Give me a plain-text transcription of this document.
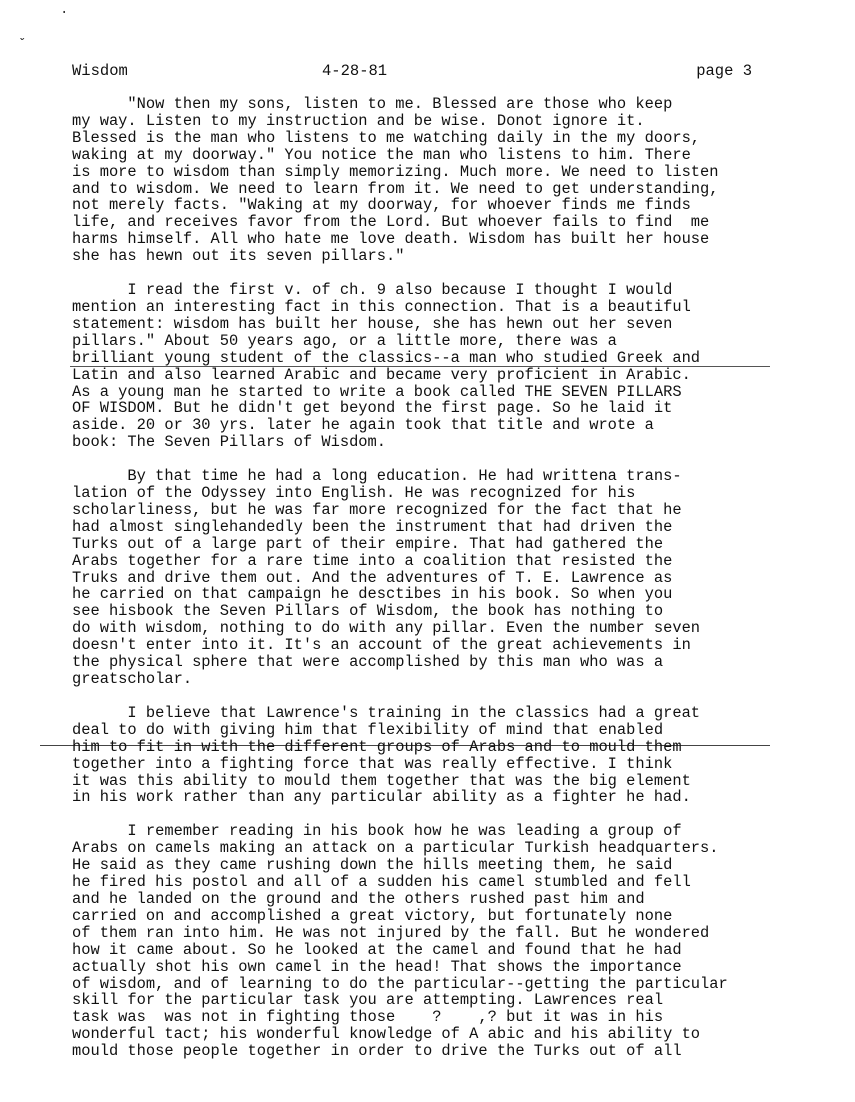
.
ˬ
Wisdom	4-28-81	page 3

"Now then my sons, listen to me. Blessed are those who keep
my way. Listen to my instruction and be wise. Donot ignore it.
Blessed is the man who listens to me watching daily in the my doors,
waking at my doorway." You notice the man who listens to him. There
is more to wisdom than simply memorizing. Much more. We need to listen
and to wisdom. We need to learn from it. We need to get understanding,
not merely facts. "Waking at my doorway, for whoever finds me finds
life, and receives favor from the Lord. But whoever fails to find  me
harms himself. All who hate me love death. Wisdom has built her house
she has hewn out its seven pillars."

I read the first v. of ch. 9 also because I thought I would
mention an interesting fact in this connection. That is a beautiful
statement: wisdom has built her house, she has hewn out her seven
pillars." About 50 years ago, or a little more, there was a
brilliant young student of the classics--a man who studied Greek and
Latin and also learned Arabic and became very proficient in Arabic.
As a young man he started to write a book called THE SEVEN PILLARS
OF WISDOM. But he didn't get beyond the first page. So he laid it
aside. 20 or 30 yrs. later he again took that title and wrote a
book: The Seven Pillars of Wisdom.

By that time he had a long education. He had writtena trans-
lation of the Odyssey into English. He was recognized for his
scholarliness, but he was far more recognized for the fact that he
had almost singlehandedly been the instrument that had driven the
Turks out of a large part of their empire. That had gathered the
Arabs together for a rare time into a coalition that resisted the
Truks and drive them out. And the adventures of T. E. Lawrence as
he carried on that campaign he desctibes in his book. So when you
see hisbook the Seven Pillars of Wisdom, the book has nothing to
do with wisdom, nothing to do with any pillar. Even the number seven
doesn't enter into it. It's an account of the great achievements in
the physical sphere that were accomplished by this man who was a
greatscholar.

I believe that Lawrence's training in the classics had a great
deal to do with giving him that flexibility of mind that enabled
him to fit in with the different groups of Arabs and to mould them
together into a fighting force that was really effective. I think
it was this ability to mould them together that was the big element
in his work rather than any particular ability as a fighter he had.

I remember reading in his book how he was leading a group of
Arabs on camels making an attack on a particular Turkish headquarters.
He said as they came rushing down the hills meeting them, he said
he fired his postol and all of a sudden his camel stumbled and fell
and he landed on the ground and the others rushed past him and
carried on and accomplished a great victory, but fortunately none
of them ran into him. He was not injured by the fall. But he wondered
how it came about. So he looked at the camel and found that he had
actually shot his own camel in the head! That shows the importance
of wisdom, and of learning to do the particular--getting the particular
skill for the particular task you are attempting. Lawrences real
task was  was not in fighting those    ?    ,? but it was in his
wonderful tact; his wonderful knowledge of A abic and his ability to
mould those people together in order to drive the Turks out of all
